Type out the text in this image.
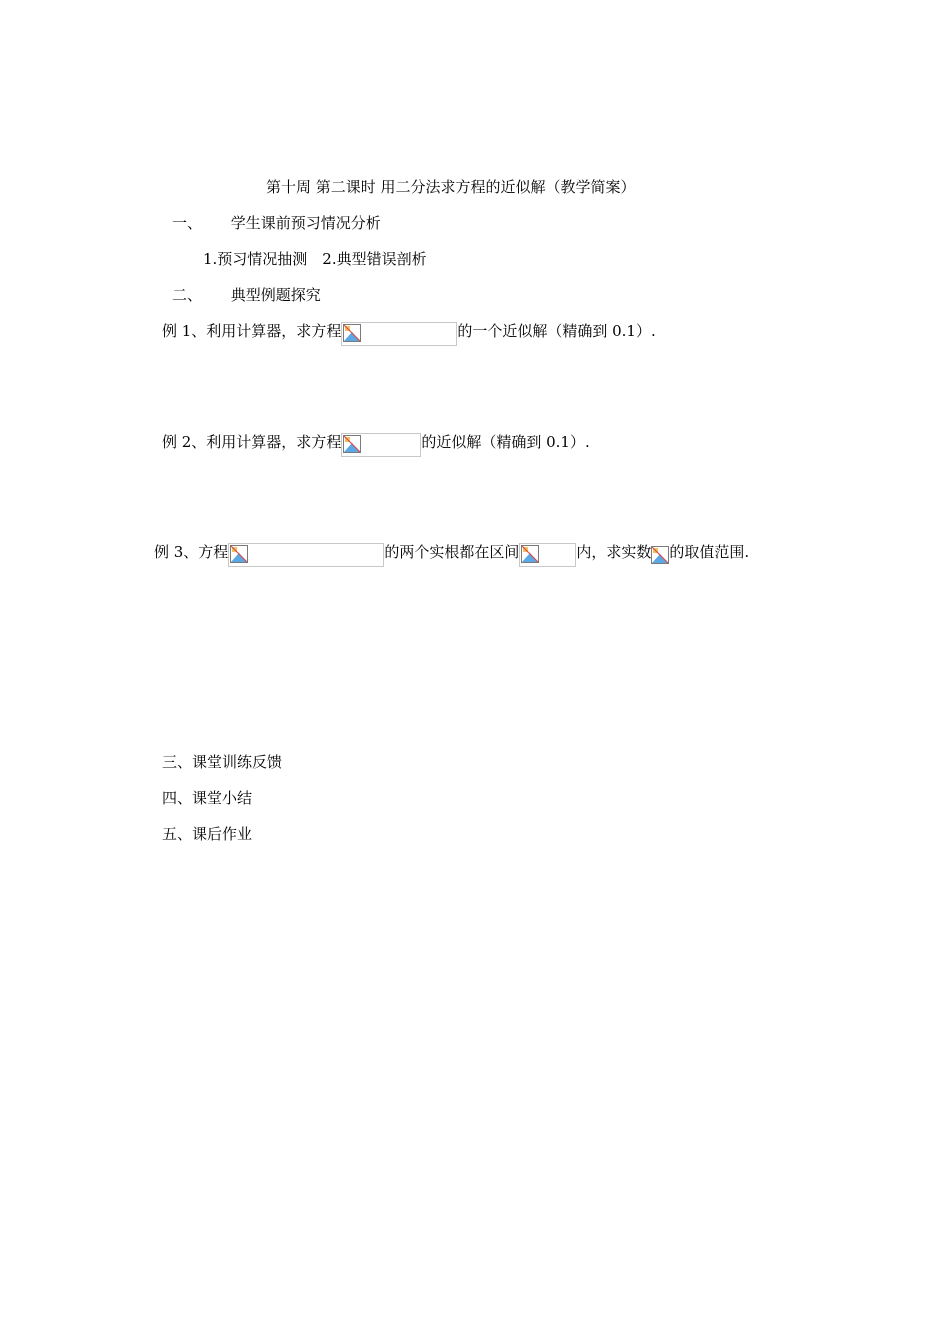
第十周 第二课时 用二分法求方程的近似解（教学简案）
一、 学生课前预习情况分析
1.预习情况抽测　2.典型错误剖析
二、 典型例题探究
例 1、利用计算器，求方程	的一个近似解（精确到 0.1）.
例 2、利用计算器，求方程	的近似解（精确到 0.1）.
例 3、方程	的两个实根都在区间	内，求实数 的取值范围.
三、课堂训练反馈
四、课堂小结
五、课后作业
